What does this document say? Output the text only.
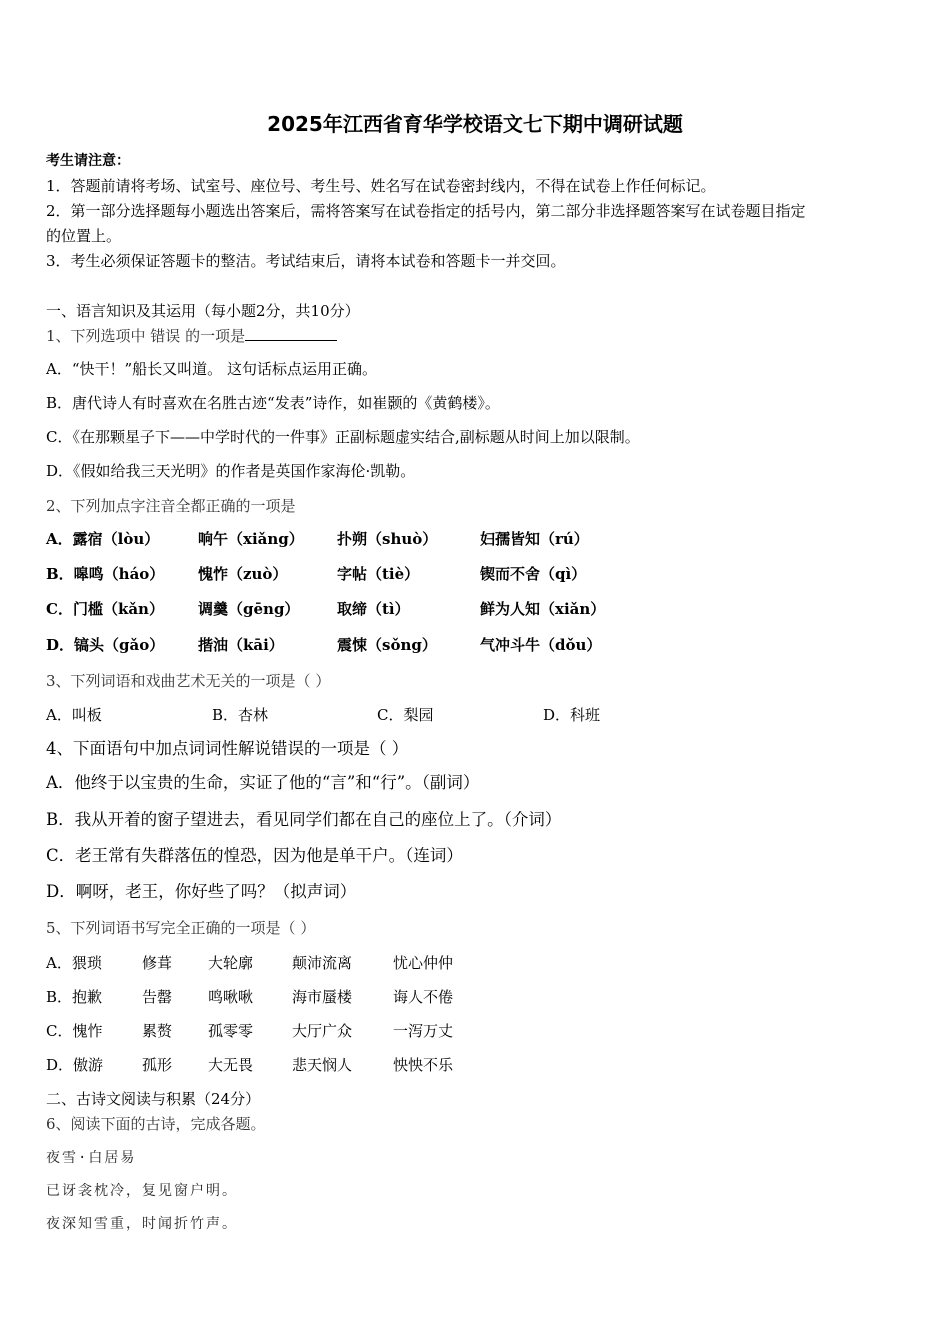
2025年江西省育华学校语文七下期中调研试题
考生请注意：
1．答题前请将考场、试室号、座位号、考生号、姓名写在试卷密封线内，不得在试卷上作任何标记。
2．第一部分选择题每小题选出答案后，需将答案写在试卷指定的括号内，第二部分非选择题答案写在试卷题目指定
的位置上。
3．考生必须保证答题卡的整洁。考试结束后，请将本试卷和答题卡一并交回。
一、语言知识及其运用（每小题2分，共10分）
1、下列选项中 错误 的一项是
A．“快干！”船长又叫道。 这句话标点运用正确。
B．唐代诗人有时喜欢在名胜古迹“发表”诗作，如崔颢的《黄鹤楼》。
C．《在那颗星子下——中学时代的一件事》正副标题虚实结合,副标题从时间上加以限制。
D．《假如给我三天光明》的作者是英国作家海伦·凯勒。
2、下列加点字注音全都正确的一项是
A．露宿（lòu）	响午（xiǎng） 扑朔（shuò）	妇孺皆知（rú）
B．嗥鸣（háo） 愧怍（zuò）	字帖（tiè）	锲而不舍（qì）
C．门槛（kǎn） 调羹（gēng）	取缔（tì）	鲜为人知（xiǎn）
D．镐头（gǎo） 揩油（kāi）	震悚（sǒng）	气冲斗牛（dǒu）
3、下列词语和戏曲艺术无关的一项是（ ）
A．叫板	B．杏林	C．梨园	D．科班
4、下面语句中加点词词性解说错误的一项是（ ）
A．他终于以宝贵的生命，实证了他的“言”和“行”。（副词）
B．我从开着的窗子望进去，看见同学们都在自己的座位上了。（介词）
C．老王常有失群落伍的惶恐，因为他是单干户。（连词）
D．啊呀，老王，你好些了吗？（拟声词）
5、下列词语书写完全正确的一项是（ ）
A．猥琐	修葺 大轮廓	颠沛流离	忧心仲仲
B．抱歉	告罄 鸣啾啾	海市蜃楼	诲人不倦
C．愧怍	累赘 孤零零	大厅广众	一泻万丈
D．傲游	孤形 大无畏	悲天悯人	怏怏不乐
二、古诗文阅读与积累（24分）
6、阅读下面的古诗，完成各题。
夜雪·白居易
已讶衾枕冷，复见窗户明。
夜深知雪重，时闻折竹声。
